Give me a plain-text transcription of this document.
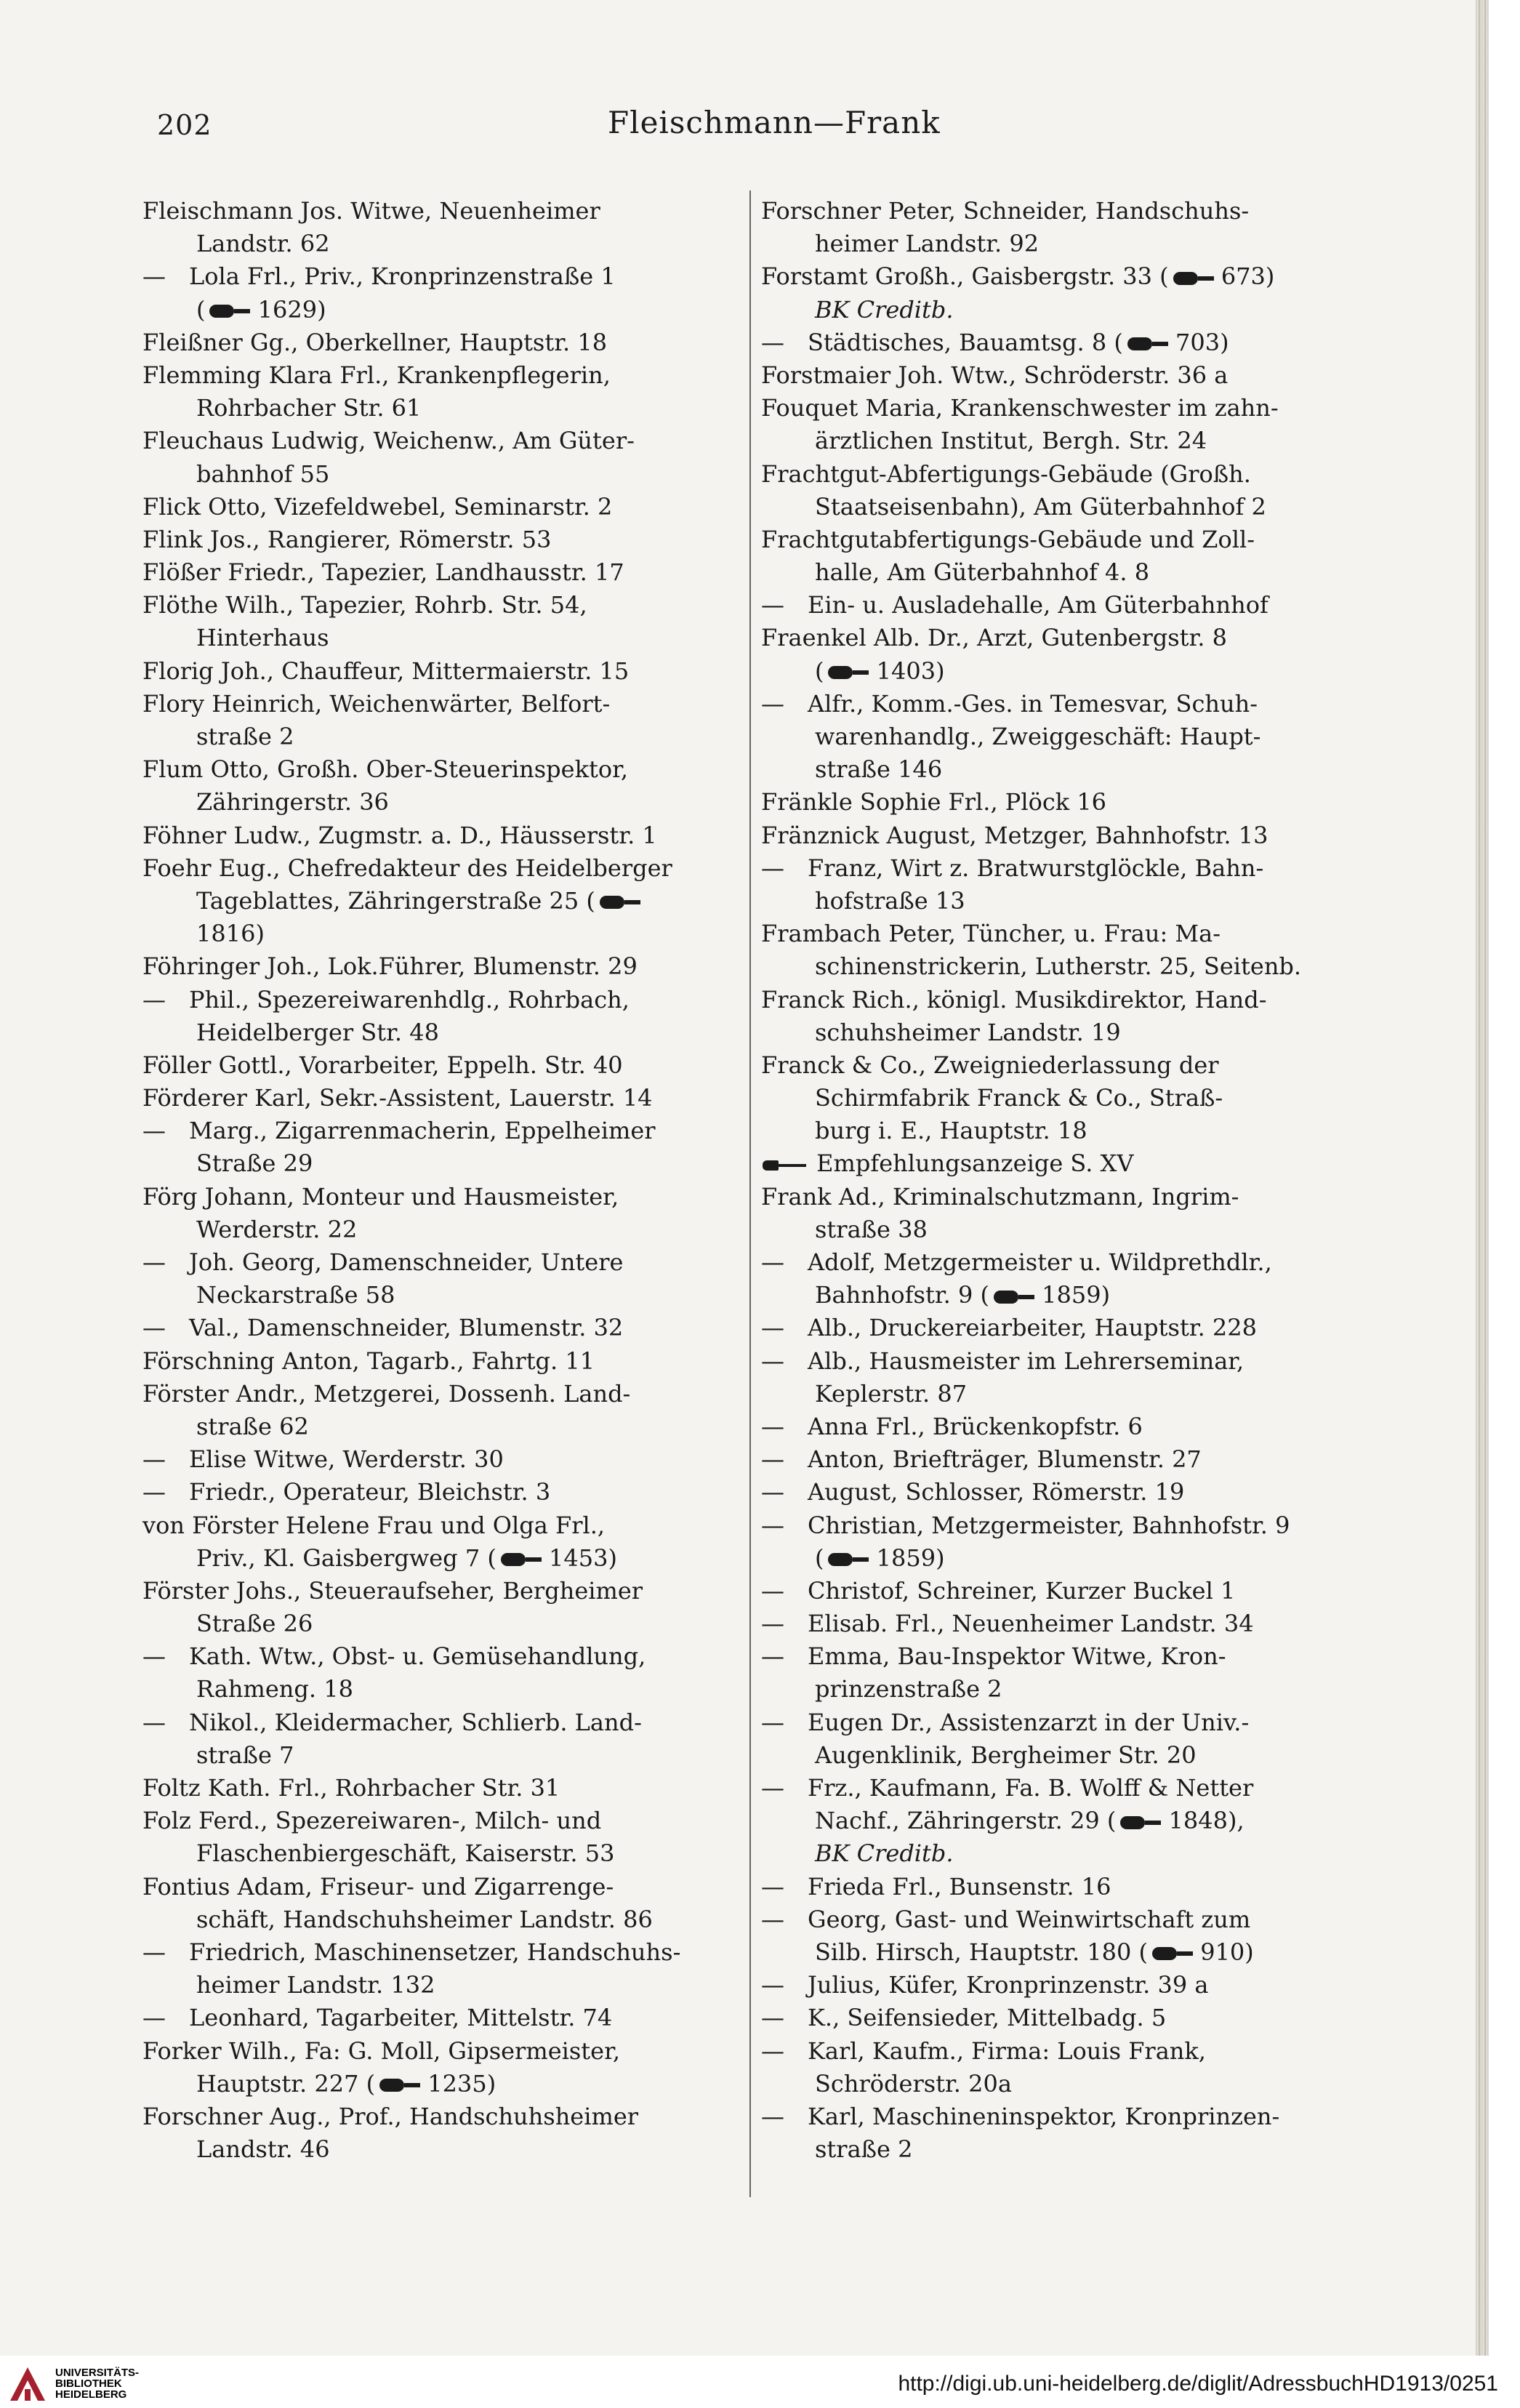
202	Fleischmann—Frank
Fleischmann Jos. Witwe, Neuenheimer
Landstr. 62
— Lola Frl., Priv., Kronprinzenstraße 1
( 1629)
Fleißner Gg., Oberkellner, Hauptstr. 18
Flemming Klara Frl., Krankenpflegerin,
Rohrbacher Str. 61
Fleuchaus Ludwig, Weichenw., Am Güter-
bahnhof 55
Flick Otto, Vizefeldwebel, Seminarstr. 2
Flink Jos., Rangierer, Römerstr. 53
Flößer Friedr., Tapezier, Landhausstr. 17
Flöthe Wilh., Tapezier, Rohrb. Str. 54,
Hinterhaus
Florig Joh., Chauffeur, Mittermaierstr. 15
Flory Heinrich, Weichenwärter, Belfort-
straße 2
Flum Otto, Großh. Ober-Steuerinspektor,
Zähringerstr. 36
Föhner Ludw., Zugmstr. a. D., Häusserstr. 1
Foehr Eug., Chefredakteur des Heidelberger
Tageblattes, Zähringerstraße 25 (
1816)
Föhringer Joh., Lok.Führer, Blumenstr. 29
— Phil., Spezereiwarenhdlg., Rohrbach,
Heidelberger Str. 48
Föller Gottl., Vorarbeiter, Eppelh. Str. 40
Förderer Karl, Sekr.-Assistent, Lauerstr. 14
— Marg., Zigarrenmacherin, Eppelheimer
Straße 29
Förg Johann, Monteur und Hausmeister,
Werderstr. 22
— Joh. Georg, Damenschneider, Untere
Neckarstraße 58
— Val., Damenschneider, Blumenstr. 32
Förschning Anton, Tagarb., Fahrtg. 11
Förster Andr., Metzgerei, Dossenh. Land-
straße 62
— Elise Witwe, Werderstr. 30
— Friedr., Operateur, Bleichstr. 3
von Förster Helene Frau und Olga Frl.,
Priv., Kl. Gaisbergweg 7 ( 1453)
Förster Johs., Steueraufseher, Bergheimer
Straße 26
— Kath. Wtw., Obst- u. Gemüsehandlung,
Rahmeng. 18
— Nikol., Kleidermacher, Schlierb. Land-
straße 7
Foltz Kath. Frl., Rohrbacher Str. 31
Folz Ferd., Spezereiwaren-, Milch- und
Flaschenbiergeschäft, Kaiserstr. 53
Fontius Adam, Friseur- und Zigarrenge-
schäft, Handschuhsheimer Landstr. 86
— Friedrich, Maschinensetzer, Handschuhs-
heimer Landstr. 132
— Leonhard, Tagarbeiter, Mittelstr. 74
Forker Wilh., Fa: G. Moll, Gipsermeister,
Hauptstr. 227 ( 1235)
Forschner Aug., Prof., Handschuhsheimer
Landstr. 46
Forschner Peter, Schneider, Handschuhs-
heimer Landstr. 92
Forstamt Großh., Gaisbergstr. 33 ( 673)
BK Creditb.
— Städtisches, Bauamtsg. 8 ( 703)
Forstmaier Joh. Wtw., Schröderstr. 36 a
Fouquet Maria, Krankenschwester im zahn-
ärztlichen Institut, Bergh. Str. 24
Frachtgut-Abfertigungs-Gebäude (Großh.
Staatseisenbahn), Am Güterbahnhof 2
Frachtgutabfertigungs-Gebäude und Zoll-
halle, Am Güterbahnhof 4. 8
— Ein- u. Ausladehalle, Am Güterbahnhof
Fraenkel Alb. Dr., Arzt, Gutenbergstr. 8
( 1403)
— Alfr., Komm.-Ges. in Temesvar, Schuh-
warenhandlg., Zweiggeschäft: Haupt-
straße 146
Fränkle Sophie Frl., Plöck 16
Fränznick August, Metzger, Bahnhofstr. 13
— Franz, Wirt z. Bratwurstglöckle, Bahn-
hofstraße 13
Frambach Peter, Tüncher, u. Frau: Ma-
schinenstrickerin, Lutherstr. 25, Seitenb.
Franck Rich., königl. Musikdirektor, Hand-
schuhsheimer Landstr. 19
Franck & Co., Zweigniederlassung der
Schirmfabrik Franck & Co., Straß-
burg i. E., Hauptstr. 18
Empfehlungsanzeige S. XV
Frank Ad., Kriminalschutzmann, Ingrim-
straße 38
— Adolf, Metzgermeister u. Wildprethdlr.,
Bahnhofstr. 9 ( 1859)
— Alb., Druckereiarbeiter, Hauptstr. 228
— Alb., Hausmeister im Lehrerseminar,
Keplerstr. 87
— Anna Frl., Brückenkopfstr. 6
— Anton, Briefträger, Blumenstr. 27
— August, Schlosser, Römerstr. 19
— Christian, Metzgermeister, Bahnhofstr. 9
( 1859)
— Christof, Schreiner, Kurzer Buckel 1
— Elisab. Frl., Neuenheimer Landstr. 34
— Emma, Bau-Inspektor Witwe, Kron-
prinzenstraße 2
— Eugen Dr., Assistenzarzt in der Univ.-
Augenklinik, Bergheimer Str. 20
— Frz., Kaufmann, Fa. B. Wolff & Netter
Nachf., Zähringerstr. 29 ( 1848),
BK Creditb.
— Frieda Frl., Bunsenstr. 16
— Georg, Gast- und Weinwirtschaft zum
Silb. Hirsch, Hauptstr. 180 ( 910)
— Julius, Küfer, Kronprinzenstr. 39 a
— K., Seifensieder, Mittelbadg. 5
— Karl, Kaufm., Firma: Louis Frank,
Schröderstr. 20a
— Karl, Maschineninspektor, Kronprinzen-
straße 2
UNIVERSITÄTS-
BIBLIOTHEK
HEIDELBERG	http://digi.ub.uni-heidelberg.de/diglit/AdressbuchHD1913/0251
